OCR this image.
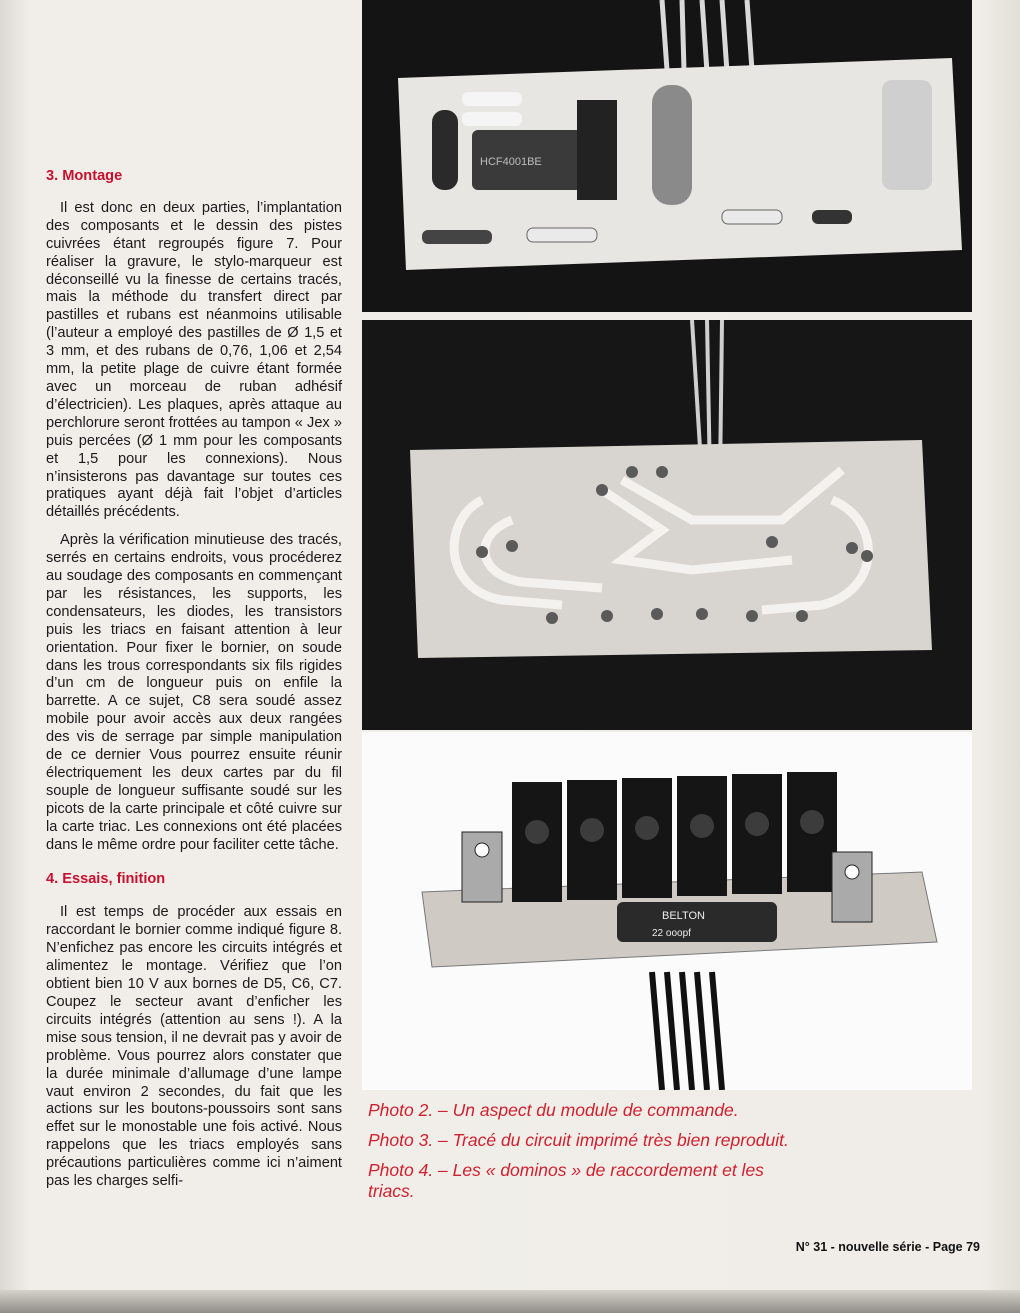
3. Montage

Il est donc en deux parties, l’implantation des composants et le dessin des pistes cuivrées étant regroupés figure 7. Pour réaliser la gravure, le stylo-marqueur est déconseillé vu la finesse de certains tracés, mais la méthode du transfert direct par pastilles et rubans est néanmoins utilisable (l’auteur a employé des pastilles de Ø 1,5 et 3 mm, et des rubans de 0,76, 1,06 et 2,54 mm, la petite plage de cuivre étant formée avec un morceau de ruban adhésif d’électricien). Les plaques, après attaque au perchlorure seront frottées au tampon « Jex » puis percées (Ø 1 mm pour les composants et 1,5 pour les connexions). Nous n’insisterons pas davantage sur toutes ces pratiques ayant déjà fait l’objet d’articles détaillés précédents.

Après la vérification minutieuse des tracés, serrés en certains endroits, vous procéderez au soudage des composants en commençant par les résistances, les supports, les condensateurs, les diodes, les transistors puis les triacs en faisant attention à leur orientation. Pour fixer le bornier, on soude dans les trous correspondants six fils rigides d’un cm de longueur puis on enfile la barrette. A ce sujet, C8 sera soudé assez mobile pour avoir accès aux deux rangées des vis de serrage par simple manipulation de ce dernier Vous pourrez ensuite réunir électriquement les deux cartes par du fil souple de longueur suffisante soudé sur les picots de la carte principale et côté cuivre sur la carte triac. Les connexions ont été placées dans le même ordre pour faciliter cette tâche.

4. Essais, finition

Il est temps de procéder aux essais en raccordant le bornier comme indiqué figure 8. N’enfichez pas encore les circuits intégrés et alimentez le montage. Vérifiez que l’on obtient bien 10 V aux bornes de D5, C6, C7. Coupez le secteur avant d’enficher les circuits intégrés (attention au sens !). A la mise sous tension, il ne devrait pas y avoir de problème. Vous pourrez alors constater que la durée minimale d’allumage d’une lampe vaut environ 2 secondes, du fait que les actions sur les boutons-poussoirs sont sans effet sur le monostable une fois activé. Nous rappelons que les triacs employés sans précautions particulières comme ici n’aiment pas les charges selfi-

HCF4001BE
BELTON
22 ooopf
Photo 2. – Un aspect du module de commande.
Photo 3. – Tracé du circuit imprimé très bien reproduit.
Photo 4. – Les « dominos » de raccordement et les triacs.
N° 31 - nouvelle série - Page 79
